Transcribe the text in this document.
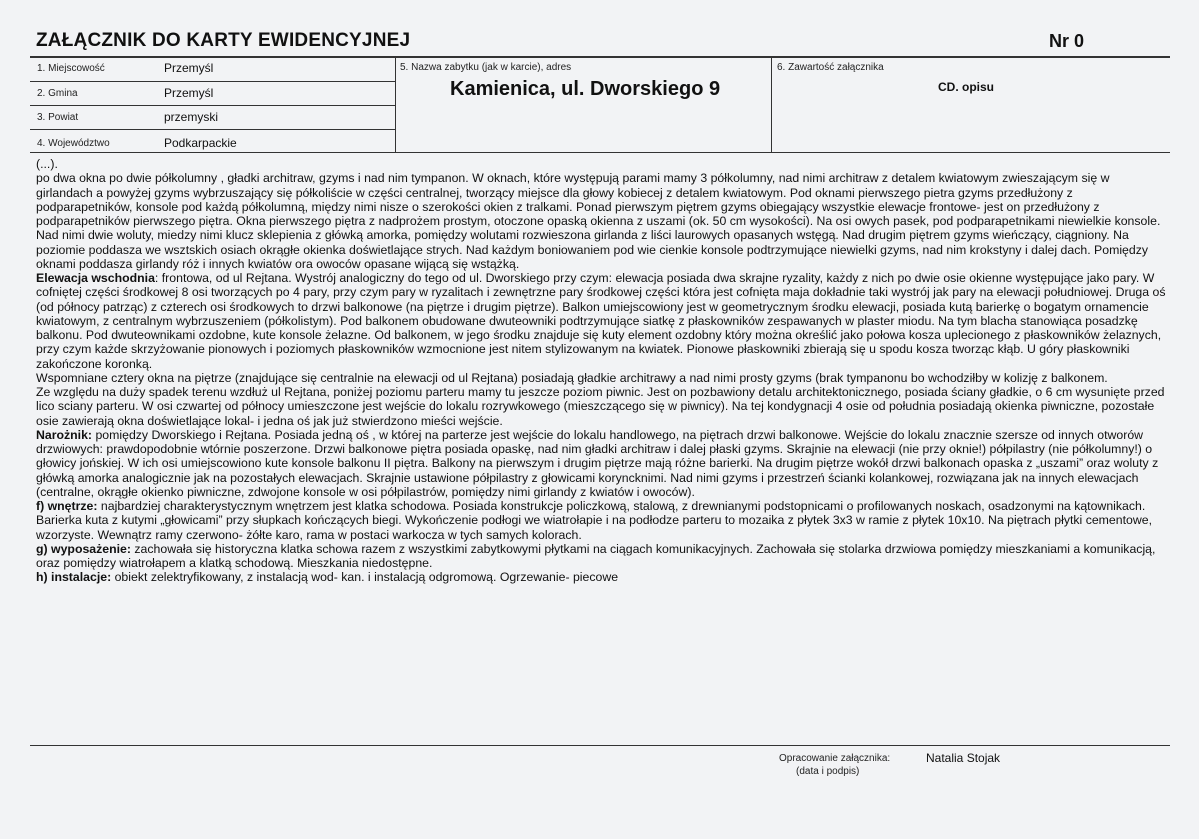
ZAŁĄCZNIK DO KARTY EWIDENCYJNEJ	Nr 0
1. Miejscowość	Przemyśl
2. Gmina	Przemyśl
3. Powiat	przemyski
4. Województwo	Podkarpackie
5. Nazwa zabytku (jak w karcie), adres
Kamienica, ul. Dworskiego 9
6. Zawartość załącznika
CD. opisu

(...).

po dwa okna po dwie półkolumny , gładki architraw, gzyms i nad nim tympanon. W oknach, które występują parami mamy 3 półkolumny, nad nimi architraw z detalem kwiatowym zwieszającym się w girlandach a powyżej gzyms wybrzuszający się półkoliście w części centralnej, tworzący miejsce dla głowy kobiecej z detalem kwiatowym. Pod oknami pierwszego pietra gzyms przedłużony z podparapetników, konsole pod każdą półkolumną, między nimi nisze o szerokości okien z tralkami. Ponad pierwszym piętrem gzyms obiegający wszystkie elewacje frontowe- jest on przedłużony z podparapetników pierwszego piętra. Okna pierwszego piętra z nadprożem prostym, otoczone opaską okienna z uszami (ok. 50 cm wysokości). Na osi owych pasek, pod podparapetnikami niewielkie konsole. Nad nimi dwie woluty, miedzy nimi klucz sklepienia z główką amorka, pomiędzy wolutami rozwieszona girlanda z liści laurowych opasanych wstęgą. Nad drugim piętrem gzyms wieńczący, ciągniony. Na poziomie poddasza we wsztskich osiach okrągłe okienka doświetlające strych. Nad każdym boniowaniem pod wie cienkie konsole podtrzymujące niewielki gzyms, nad nim krokstyny i dalej dach. Pomiędzy oknami poddasza girlandy róż i innych kwiatów ora owoców opasane wijącą się wstążką.

Elewacja wschodnia: frontowa, od ul Rejtana. Wystrój analogiczny do tego od ul. Dworskiego przy czym: elewacja posiada dwa skrajne ryzality, każdy z nich po dwie osie okienne występujące jako pary. W cofniętej części środkowej 8 osi tworzących po 4 pary, przy czym pary w ryzalitach i zewnętrzne pary środkowej części która jest cofnięta maja dokładnie taki wystrój jak pary na elewacji południowej. Druga oś (od północy patrząc) z czterech osi środkowych to drzwi balkonowe (na piętrze i drugim piętrze). Balkon umiejscowiony jest w geometrycznym środku elewacji, posiada kutą barierkę o bogatym ornamencie kwiatowym, z centralnym wybrzuszeniem (półkolistym). Pod balkonem obudowane dwuteowniki podtrzymujące siatkę z płaskowników zespawanych w plaster miodu. Na tym blacha stanowiąca posadzkę balkonu. Pod dwuteownikami ozdobne, kute konsole żelazne. Od balkonem, w jego środku znajduje się kuty element ozdobny który można określić jako połowa kosza uplecionego z płaskowników żelaznych, przy czym każde skrzyżowanie pionowych i poziomych płaskowników wzmocnione jest nitem stylizowanym na kwiatek. Pionowe płaskowniki zbierają się u spodu kosza tworząc kłąb. U góry płaskowniki zakończone koronką.

Wspomniane cztery okna na piętrze (znajdujące się centralnie na elewacji od ul Rejtana) posiadają gładkie architrawy a nad nimi prosty gzyms (brak tympanonu bo wchodziłby w kolizję z balkonem.

Ze względu na duży spadek terenu wzdłuż ul Rejtana, poniżej poziomu parteru mamy tu jeszcze poziom piwnic. Jest on pozbawiony detalu architektonicznego, posiada ściany gładkie, o 6 cm wysunięte przed lico sciany parteru. W osi czwartej od północy umieszczone jest wejście do lokalu rozrywkowego (mieszczącego się w piwnicy). Na tej kondygnacji 4 osie od południa posiadają okienka piwniczne, pozostałe osie zawierają okna doświetlające lokal- i jedna oś jak już stwierdzono mieści wejście.

Narożnik: pomiędzy Dworskiego i Rejtana. Posiada jedną oś , w której na parterze jest wejście do lokalu handlowego, na piętrach drzwi balkonowe. Wejście do lokalu znacznie szersze od innych otworów drzwiowych: prawdopodobnie wtórnie poszerzone. Drzwi balkonowe piętra posiada opaskę, nad nim gładki architraw i dalej płaski gzyms. Skrajnie na elewacji (nie przy oknie!) półpilastry (nie półkolumny!) o głowicy jońskiej. W ich osi umiejscowiono kute konsole balkonu II piętra. Balkony na pierwszym i drugim piętrze mają różne barierki. Na drugim piętrze wokół drzwi balkonach opaska z „uszami” oraz woluty z główką amorka analogicznie jak na pozostałych elewacjach. Skrajnie ustawione półpilastry z głowicami koryncknimi. Nad nimi gzyms i przestrzeń ścianki kolankowej, rozwiązana jak na innych elewacjach (centralne, okrągłe okienko piwniczne, zdwojone konsole w osi półpilastrów, pomiędzy nimi girlandy z kwiatów i owoców).

f) wnętrze: najbardziej charakterystycznym wnętrzem jest klatka schodowa. Posiada konstrukcje policzkową, stalową, z drewnianymi podstopnicami o profilowanych noskach, osadzonymi na kątownikach. Barierka kuta z kutymi „głowicami” przy słupkach kończących biegi. Wykończenie podłogi we wiatrołapie i na podłodze parteru to mozaika z płytek 3x3 w ramie z płytek 10x10. Na piętrach płytki cementowe, wzorzyste. Wewnątrz ramy czerwono- żółte karo, rama w postaci warkocza w tych samych kolorach.

g) wyposażenie: zachowała się historyczna klatka schowa razem z wszystkimi zabytkowymi płytkami na ciągach komunikacyjnych. Zachowała się stolarka drzwiowa pomiędzy mieszkaniami a komunikacją, oraz pomiędzy wiatrołapem a klatką schodową. Mieszkania niedostępne.

h) instalacje: obiekt zelektryfikowany, z instalacją wod- kan. i instalacją odgromową. Ogrzewanie- piecowe

Opracowanie załącznika:	Natalia Stojak
(data i podpis)
